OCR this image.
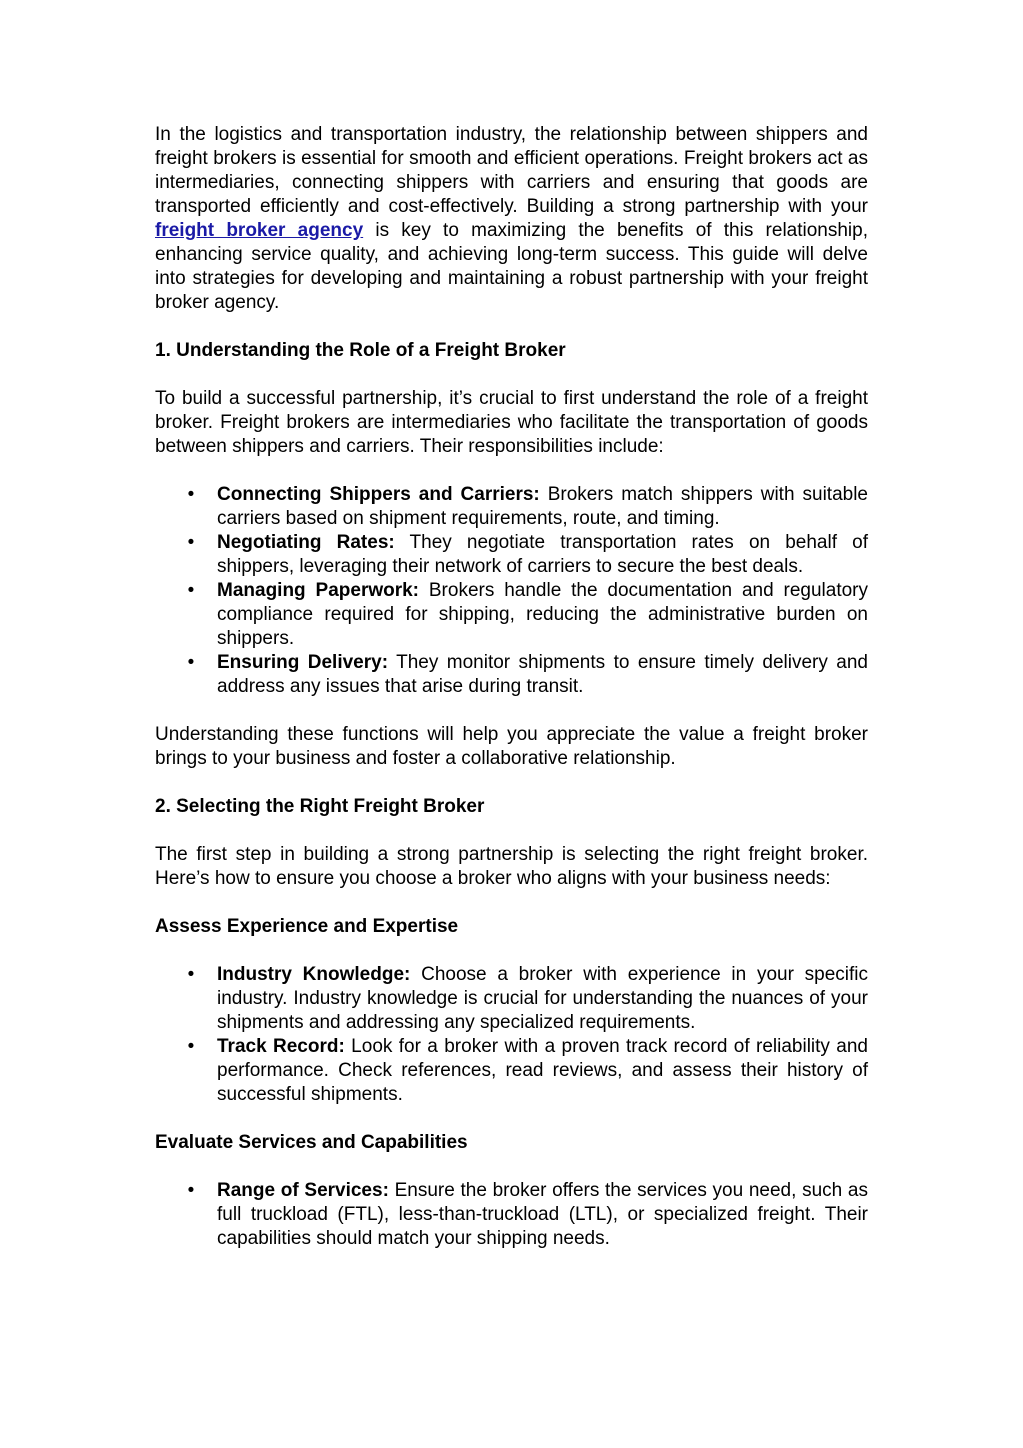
In the logistics and transportation industry, the relationship between shippers and freight brokers is essential for smooth and efficient operations. Freight brokers act as intermediaries, connecting shippers with carriers and ensuring that goods are transported efficiently and cost-effectively. Building a strong partnership with your freight broker agency is key to maximizing the benefits of this relationship, enhancing service quality, and achieving long-term success. This guide will delve into strategies for developing and maintaining a robust partnership with your freight broker agency.

1. Understanding the Role of a Freight Broker

To build a successful partnership, it’s crucial to first understand the role of a freight broker. Freight brokers are intermediaries who facilitate the transportation of goods between shippers and carriers. Their responsibilities include:

• Connecting Shippers and Carriers: Brokers match shippers with suitable carriers based on shipment requirements, route, and timing.
• Negotiating Rates: They negotiate transportation rates on behalf of shippers, leveraging their network of carriers to secure the best deals.
• Managing Paperwork: Brokers handle the documentation and regulatory compliance required for shipping, reducing the administrative burden on shippers.
• Ensuring Delivery: They monitor shipments to ensure timely delivery and address any issues that arise during transit.

Understanding these functions will help you appreciate the value a freight broker brings to your business and foster a collaborative relationship.

2. Selecting the Right Freight Broker

The first step in building a strong partnership is selecting the right freight broker. Here’s how to ensure you choose a broker who aligns with your business needs:

Assess Experience and Expertise

• Industry Knowledge: Choose a broker with experience in your specific industry. Industry knowledge is crucial for understanding the nuances of your shipments and addressing any specialized requirements.
• Track Record: Look for a broker with a proven track record of reliability and performance. Check references, read reviews, and assess their history of successful shipments.

Evaluate Services and Capabilities

• Range of Services: Ensure the broker offers the services you need, such as full truckload (FTL), less-than-truckload (LTL), or specialized freight. Their capabilities should match your shipping needs.
